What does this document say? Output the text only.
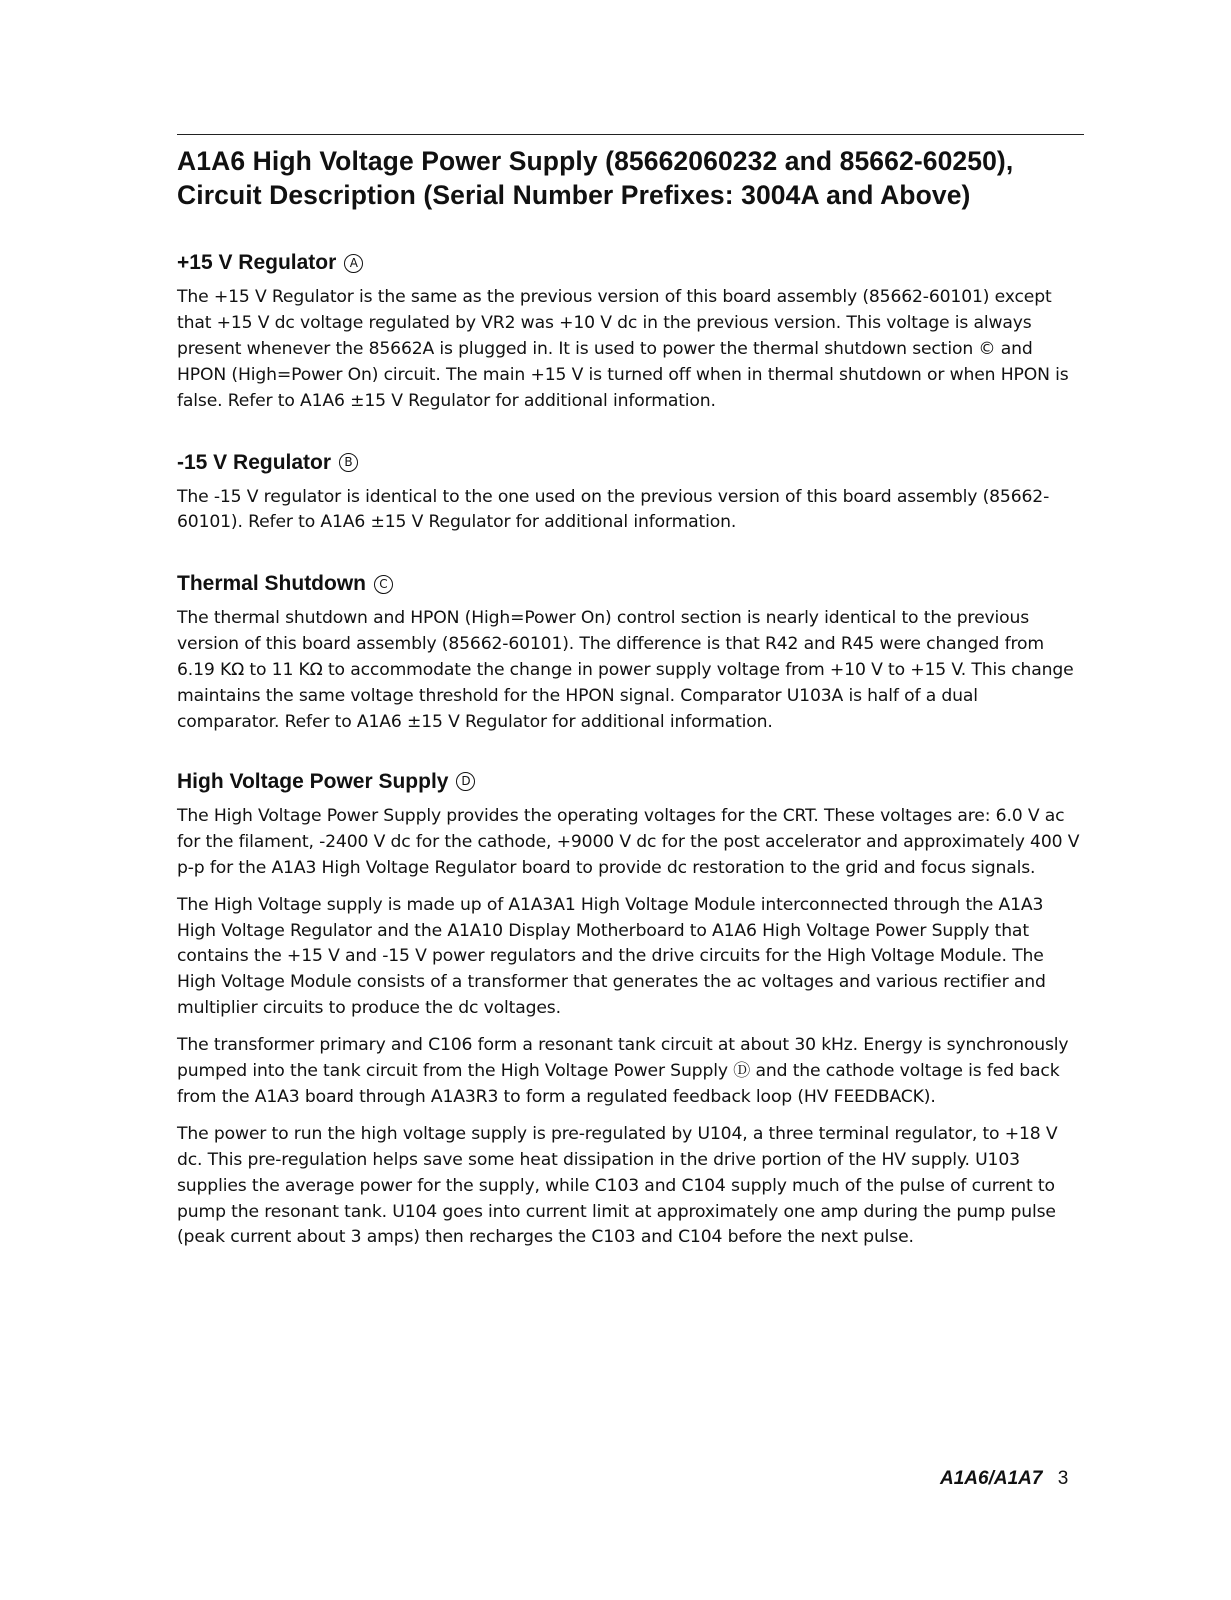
A1A6 High Voltage Power Supply (85662060232 and 85662-60250), Circuit Description (Serial Number Prefixes: 3004A and Above)
+15 V Regulator	A

The +15 V Regulator is the same as the previous version of this board assembly (85662-60101) except that +15 V dc voltage regulated by VR2 was +10 V dc in the previous version. This voltage is always present whenever the 85662A is plugged in. It is used to power the thermal shutdown section © and HPON (High=Power On) circuit. The main +15 V is turned off when in thermal shutdown or when HPON is false. Refer to A1A6 ±15 V Regulator for additional information.

-15 V Regulator	B

The -15 V regulator is identical to the one used on the previous version of this board assembly (85662-60101). Refer to A1A6 ±15 V Regulator for additional information.

Thermal Shutdown	C

The thermal shutdown and HPON (High=Power On) control section is nearly identical to the previous version of this board assembly (85662-60101). The difference is that R42 and R45 were changed from 6.19 KΩ to 11 KΩ to accommodate the change in power supply voltage from +10 V to +15 V. This change maintains the same voltage threshold for the HPON signal. Comparator U103A is half of a dual comparator. Refer to A1A6 ±15 V Regulator for additional information.

High Voltage Power Supply	D

The High Voltage Power Supply provides the operating voltages for the CRT. These voltages are: 6.0 V ac for the filament, -2400 V dc for the cathode, +9000 V dc for the post accelerator and approximately 400 V p-p for the A1A3 High Voltage Regulator board to provide dc restoration to the grid and focus signals.

The High Voltage supply is made up of A1A3A1 High Voltage Module interconnected through the A1A3 High Voltage Regulator and the A1A10 Display Motherboard to A1A6 High Voltage Power Supply that contains the +15 V and -15 V power regulators and the drive circuits for the High Voltage Module. The High Voltage Module consists of a transformer that generates the ac voltages and various rectifier and multiplier circuits to produce the dc voltages.

The transformer primary and C106 form a resonant tank circuit at about 30 kHz. Energy is synchronously pumped into the tank circuit from the High Voltage Power Supply Ⓓ and the cathode voltage is fed back from the A1A3 board through A1A3R3 to form a regulated feedback loop (HV FEEDBACK).

The power to run the high voltage supply is pre-regulated by U104, a three terminal regulator, to +18 V dc. This pre-regulation helps save some heat dissipation in the drive portion of the HV supply. U103 supplies the average power for the supply, while C103 and C104 supply much of the pulse of current to pump the resonant tank. U104 goes into current limit at approximately one amp during the pump pulse (peak current about 3 amps) then recharges the C103 and C104 before the next pulse.

A1A6/A1A7 3
